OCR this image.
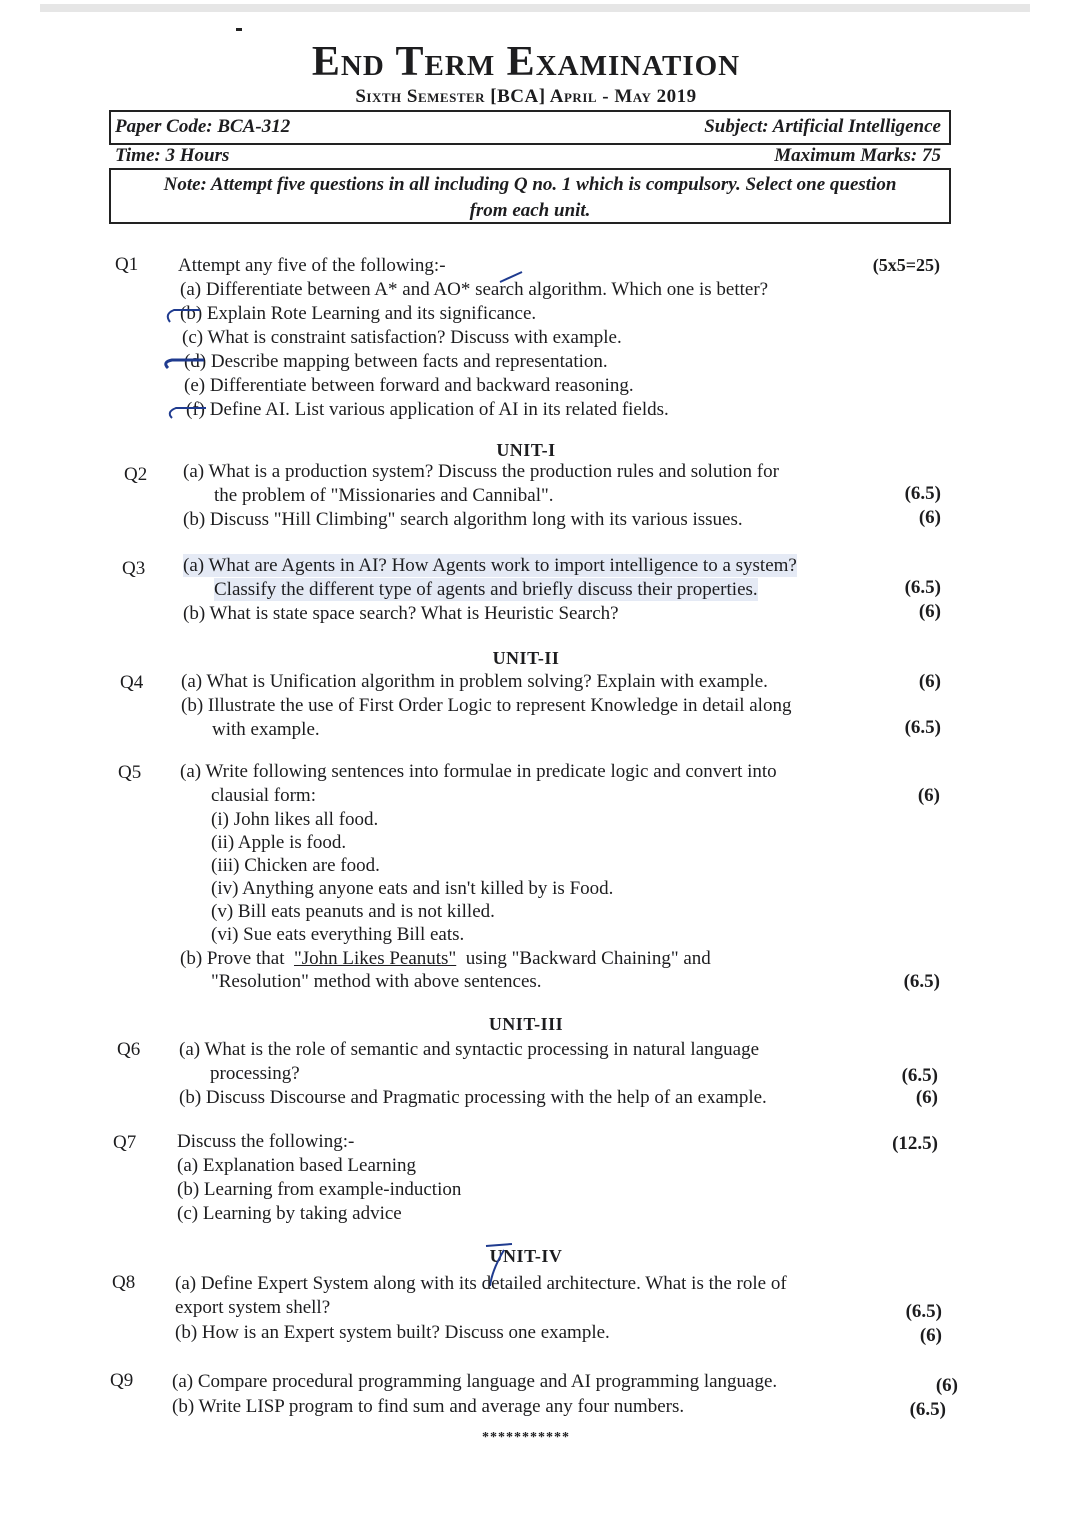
End Term Examination
Sixth Semester [BCA] April - May 2019
Paper Code: BCA-312	Subject: Artificial Intelligence
Time: 3 Hours	Maximum Marks: 75
Note: Attempt five questions in all including Q no. 1 which is compulsory. Select one question from each unit.
Q1 Attempt any five of the following:-	(5x5=25)
(a) Differentiate between A* and AO* search algorithm. Which one is better?
(b) Explain Rote Learning and its significance.
(c) What is constraint satisfaction? Discuss with example.
(d) Describe mapping between facts and representation.
(e) Differentiate between forward and backward reasoning.
(f) Define AI. List various application of AI in its related fields.
UNIT-I
Q2 (a) What is a production system? Discuss the production rules and solution for
the problem of "Missionaries and Cannibal".	(6.5)
(b) Discuss "Hill Climbing" search algorithm long with its various issues.	(6)
Q3 (a) What are Agents in AI? How Agents work to import intelligence to a system?
Classify the different type of agents and briefly discuss their properties.	(6.5)
(b) What is state space search? What is Heuristic Search?	(6)
UNIT-II
Q4 (a) What is Unification algorithm in problem solving? Explain with example.	(6)
(b) Illustrate the use of First Order Logic to represent Knowledge in detail along
with example.	(6.5)
Q5 (a) Write following sentences into formulae in predicate logic and convert into
clausial form:	(6)
(i) John likes all food.
(ii) Apple is food.
(iii) Chicken are food.
(iv) Anything anyone eats and isn't killed by is Food.
(v) Bill eats peanuts and is not killed.
(vi) Sue eats everything Bill eats.
(b) Prove that "John Likes Peanuts" using "Backward Chaining" and
"Resolution" method with above sentences.	(6.5)
UNIT-III
Q6 (a) What is the role of semantic and syntactic processing in natural language
processing?	(6.5)
(b) Discuss Discourse and Pragmatic processing with the help of an example.	(6)
Q7 Discuss the following:-	(12.5)
(a) Explanation based Learning
(b) Learning from example-induction
(c) Learning by taking advice
UNIT-IV
Q8 (a) Define Expert System along with its detailed architecture. What is the role of
export system shell?	(6.5)
(b) How is an Expert system built? Discuss one example.	(6)
Q9 (a) Compare procedural programming language and AI programming language.	(6)
(b) Write LISP program to find sum and average any four numbers.	(6.5)
***********
